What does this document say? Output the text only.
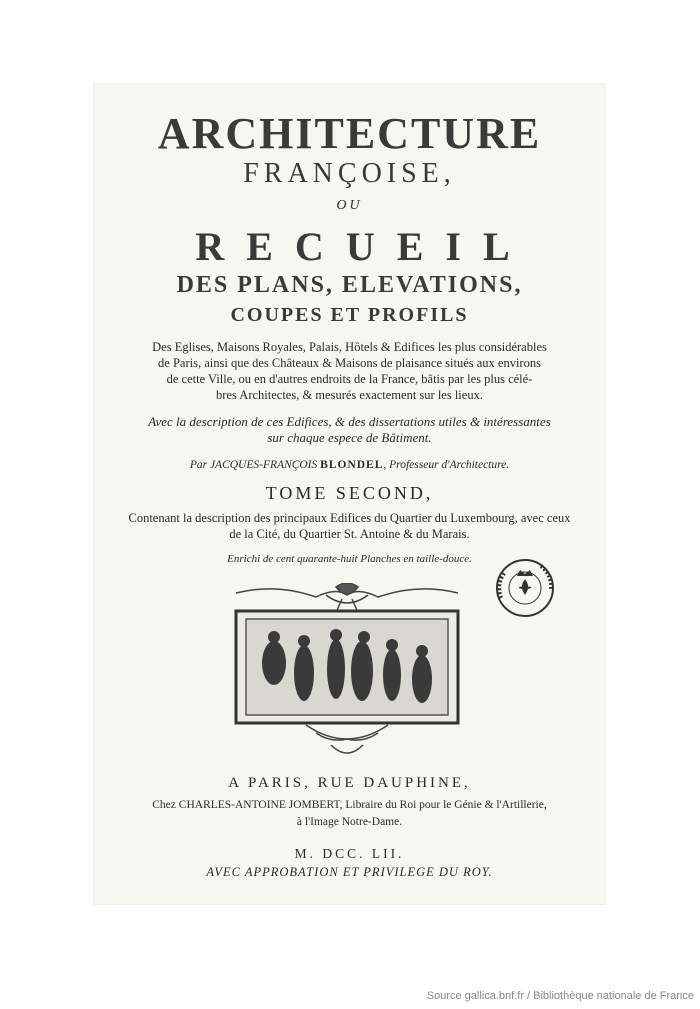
ARCHITECTURE
FRANÇOISE,
OU
RECUEIL
DES PLANS, ELEVATIONS,
COUPES ET PROFILS
Des Eglises, Maisons Royales, Palais, Hôtels & Edifices les plus considérables
de Paris, ainsi que des Châteaux & Maisons de plaisance situés aux environs
de cette Ville, ou en d'autres endroits de la France, bâtis par les plus célé-
bres Architectes, & mesurés exactement sur les lieux.
Avec la description de ces Edifices, & des dissertations utiles & intéressantes
sur chaque espece de Bâtiment.
Par JACQUES-FRANÇOIS BLONDEL, Professeur d'Architecture.
TOME SECOND,
Contenant la description des principaux Edifices du Quartier du Luxembourg, avec ceux
de la Cité, du Quartier St. Antoine & du Marais.
Enrichi de cent quarante-huit Planches en taille-douce.
A PARIS, RUE DAUPHINE,
Chez CHARLES-ANTOINE JOMBERT, Libraire du Roi pour le Génie & l'Artillerie,
à l'Image Notre-Dame.
M. DCC. LII.
AVEC APPROBATION ET PRIVILEGE DU ROY.
Source gallica.bnf.fr / Bibliothèque nationale de France
